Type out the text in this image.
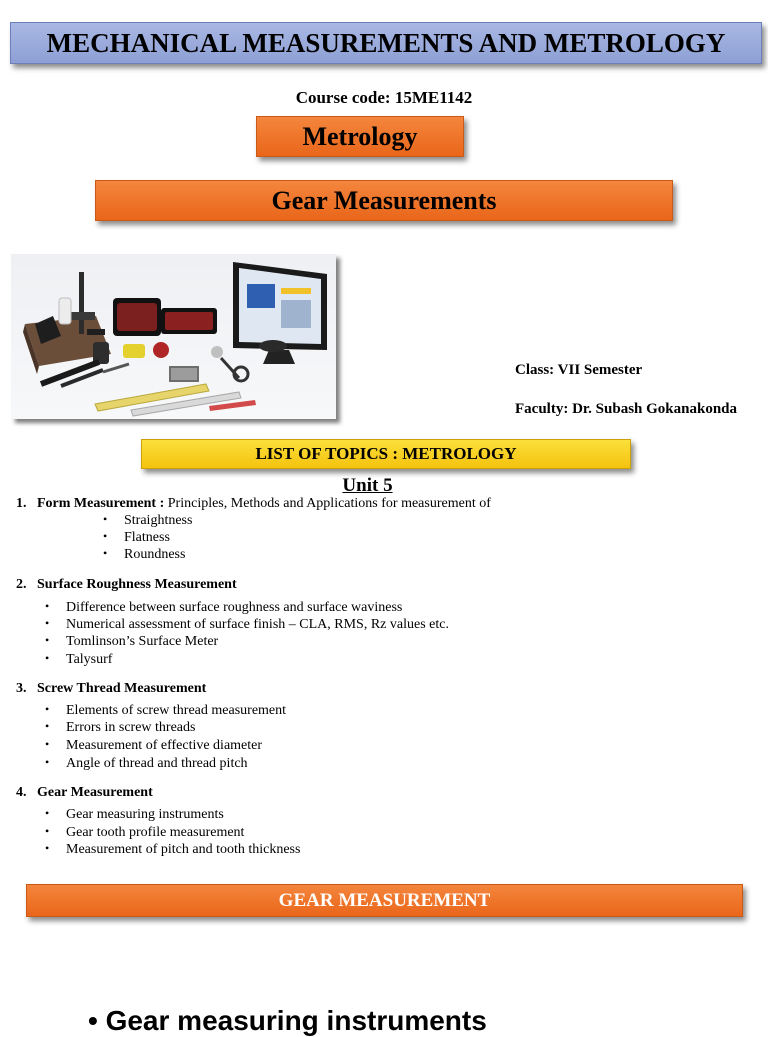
MECHANICAL MEASUREMENTS AND METROLOGY
Course code: 15ME1142
Metrology
Gear Measurements
Class: VII Semester
Faculty: Dr. Subash Gokanakonda
LIST OF TOPICS : METROLOGY
Unit 5
1. Form Measurement : Principles, Methods and Applications for measurement of
• Straightness
• Flatness
• Roundness
2. Surface Roughness Measurement
• Difference between surface roughness and surface waviness
• Numerical assessment of surface finish – CLA, RMS, Rz values etc.
• Tomlinson’s Surface Meter
• Talysurf
3. Screw Thread Measurement
• Elements of screw thread measurement
• Errors in screw threads
• Measurement of effective diameter
• Angle of thread and thread pitch
4. Gear Measurement
• Gear measuring instruments
• Gear tooth profile measurement
• Measurement of pitch and tooth thickness
GEAR MEASUREMENT
• Gear measuring instruments
